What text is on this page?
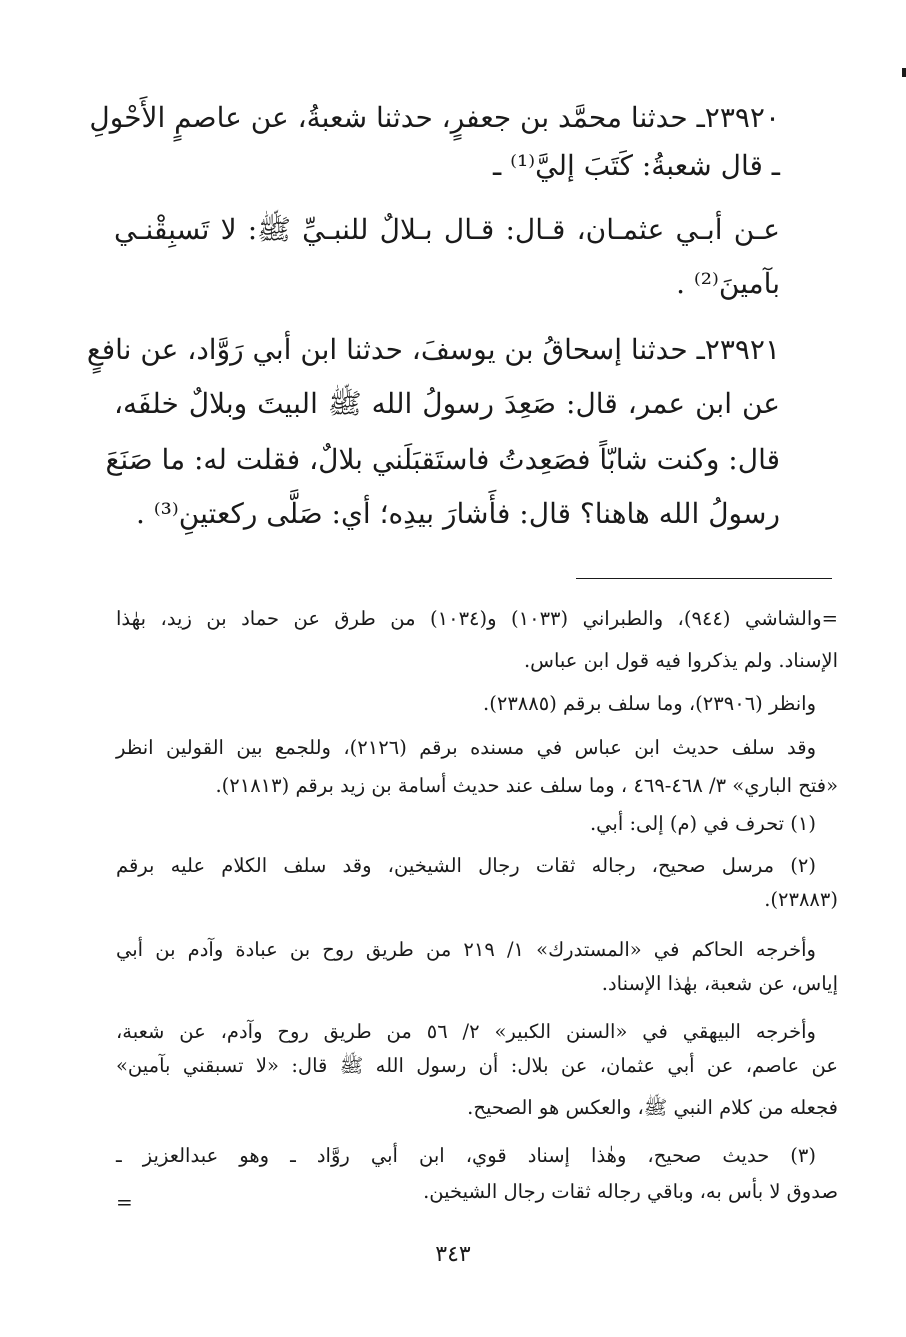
٢٣٩٢٠ـ حدثنا محمَّد بن جعفرٍ، حدثنا شعبةُ، عن عاصمٍ الأَحْولِ
ـ قال شعبةُ: كَتَبَ إليَّ⁽¹⁾ ـ
عـن أبـي عثمـان، قـال: قـال بـلالٌ للنبـيِّ ﷺ: لا تَسبِقْنـي
بآمينَ⁽²⁾ .
٢٣٩٢١ـ حدثنا إسحاقُ بن يوسفَ، حدثنا ابن أبي رَوَّاد، عن نافعٍ
عن ابن عمر، قال: صَعِدَ رسولُ الله ﷺ البيتَ وبلالٌ خلفَه،
قال: وكنت شابّاً فصَعِدتُ فاستَقبَلَني بلالٌ، فقلت له: ما صَنَعَ
رسولُ الله هاهنا؟ قال: فأَشارَ بيدِه؛ أي: صَلَّى ركعتينِ⁽³⁾ .
=والشاشي (٩٤٤)، والطبراني (١٠٣٣) و(١٠٣٤) من طرق عن حماد بن زيد، بهٰذا
الإسناد. ولم يذكروا فيه قول ابن عباس.
وانظر (٢٣٩٠٦)، وما سلف برقم (٢٣٨٨٥).
وقد سلف حديث ابن عباس في مسنده برقم (٢١٢٦)، وللجمع بين القولين انظر
«فتح الباري» ٣/ ٤٦٨-٤٦٩ ، وما سلف عند حديث أسامة بن زيد برقم (٢١٨١٣).
(١) تحرف في (م) إلى: أبي.
(٢) مرسل صحيح، رجاله ثقات رجال الشيخين، وقد سلف الكلام عليه برقم
(٢٣٨٨٣).
وأخرجه الحاكم في «المستدرك» ١/ ٢١٩ من طريق روح بن عبادة وآدم بن أبي
إياس، عن شعبة، بهٰذا الإسناد.
وأخرجه البيهقي في «السنن الكبير» ٢/ ٥٦ من طريق روح وآدم، عن شعبة،
عن عاصم، عن أبي عثمان، عن بلال: أن رسول الله ﷺ قال: «لا تسبقني بآمين»
فجعله من كلام النبي ﷺ، والعكس هو الصحيح.
(٣) حديث صحيح، وهٰذا إسناد قوي، ابن أبي روَّاد ـ وهو عبدالعزيز ـ
صدوق لا بأس به، وباقي رجاله ثقات رجال الشيخين.
=
٣٤٣
